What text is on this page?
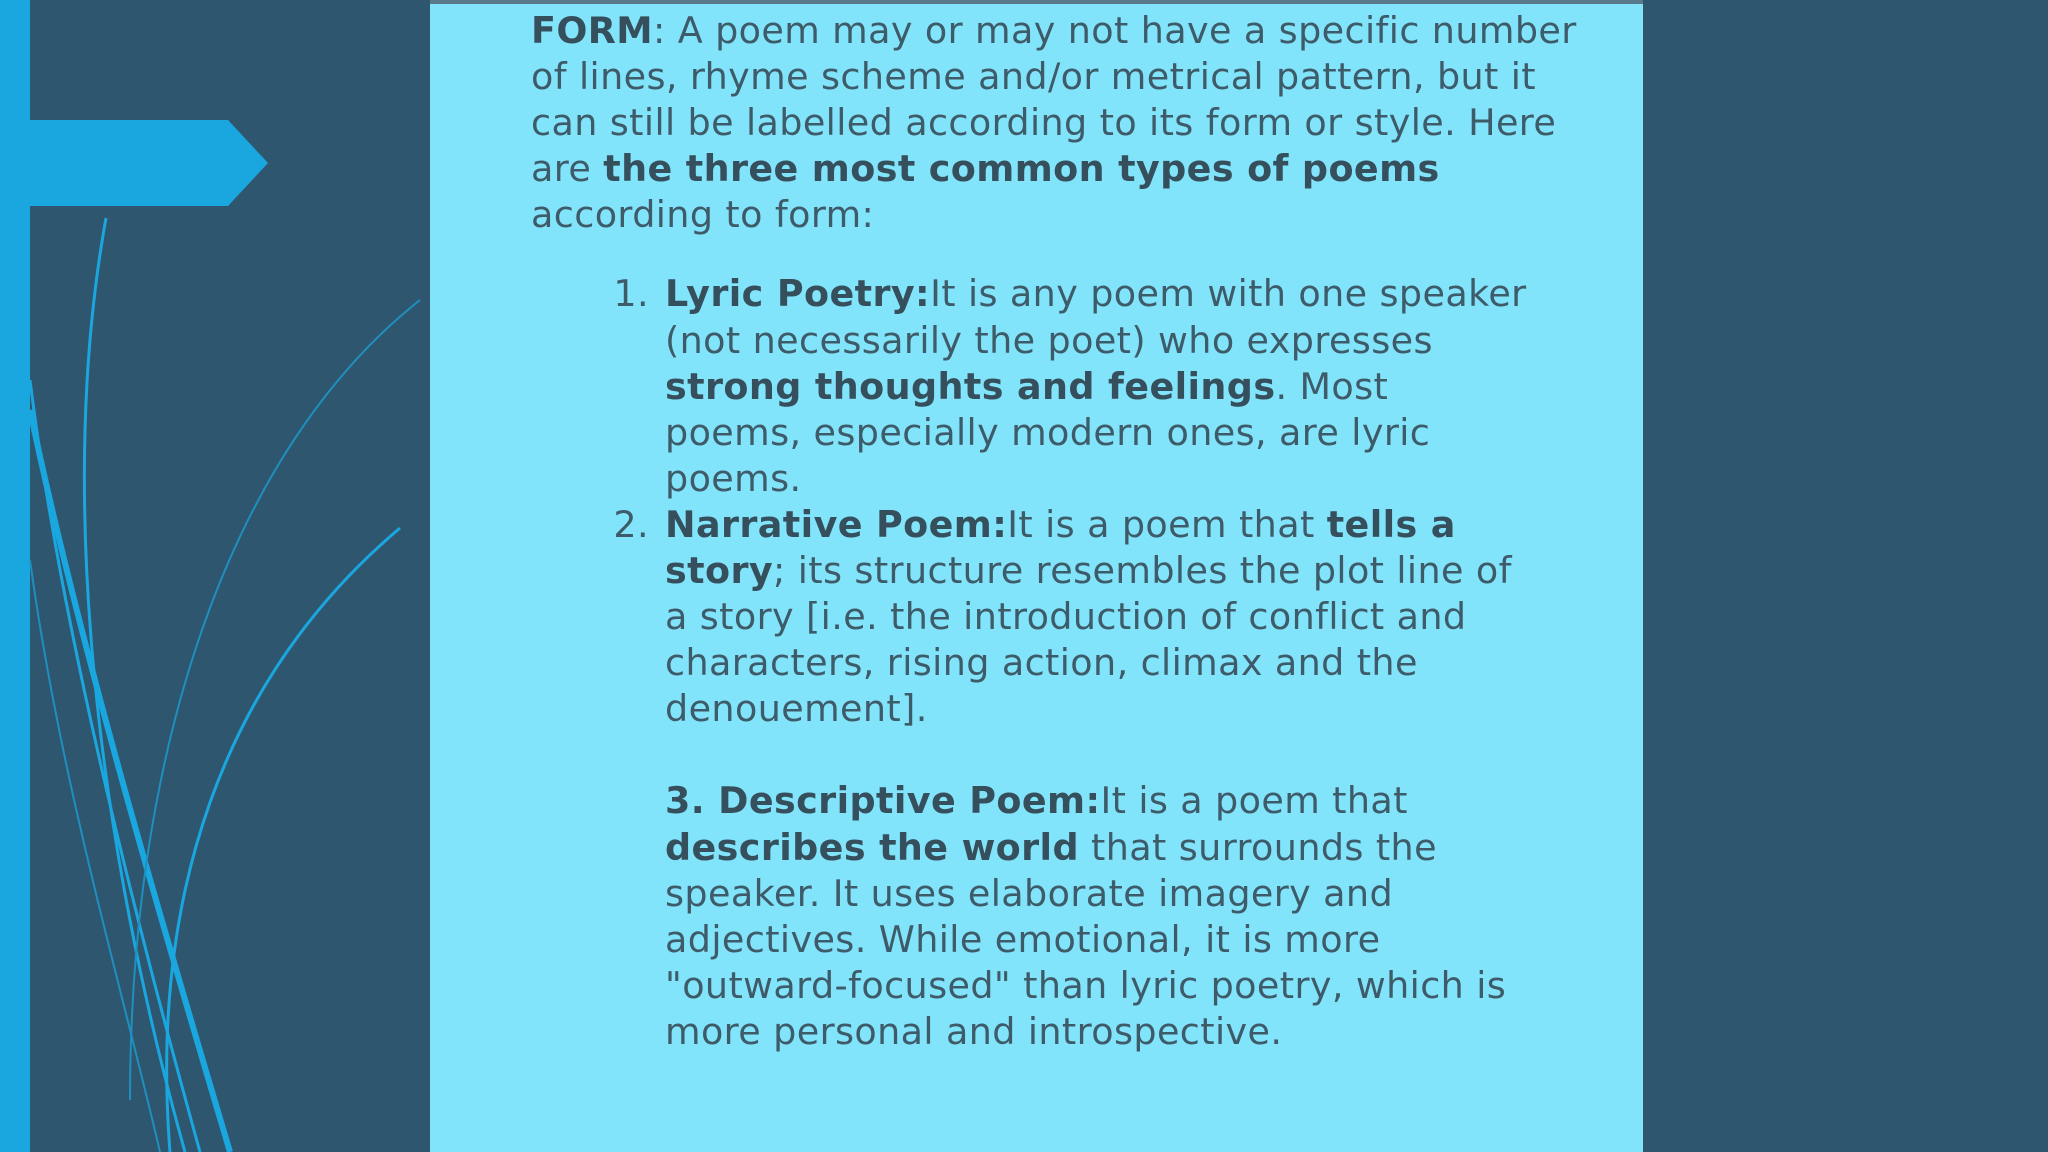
FORM: A poem may or may not have a specific number of lines, rhyme scheme and/or metrical pattern, but it can still be labelled according to its form or style. Here are the three most common types of poems according to form:

1. Lyric Poetry:It is any poem with one speaker (not necessarily the poet) who expresses strong thoughts and feelings. Most poems, especially modern ones, are lyric poems.
2. Narrative Poem:It is a poem that tells a story; its structure resembles the plot line of a story [i.e. the introduction of conflict and characters, rising action, climax and the denouement].

3. Descriptive Poem:It is a poem that describes the world that surrounds the speaker. It uses elaborate imagery and adjectives. While emotional, it is more "outward-focused" than lyric poetry, which is more personal and introspective.
